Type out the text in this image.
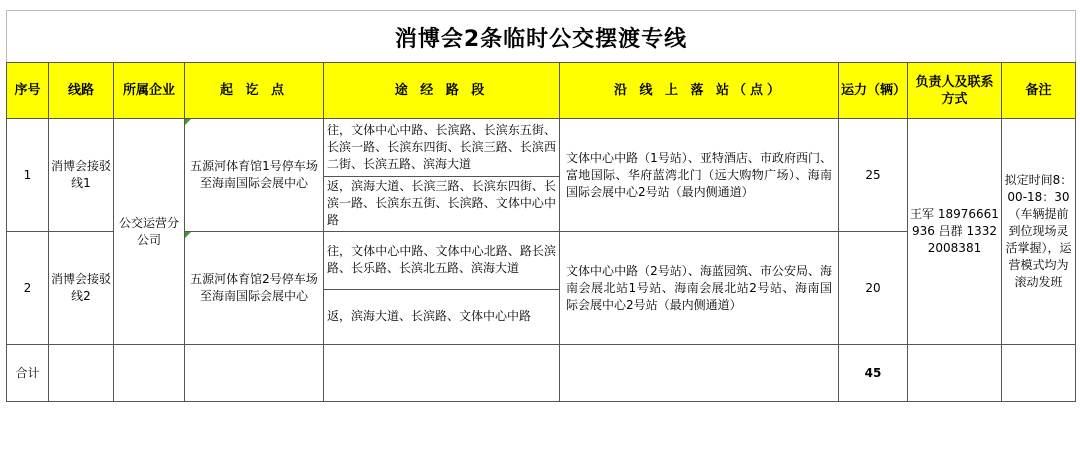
消博会2条临时公交摆渡专线
序号	线路	所属企业	起 讫 点	途 经 路 段	沿 线 上 落 站（点）	运力（辆）	负责人及联系方式	备注
1	消博会接驳线1	公交运营分公司	五源河体育馆1号停车场至海南国际会展中心	往，文体中心中路、长滨路、长滨东五街、长滨一路、长滨东四街、长滨三路、长滨西二街、长滨五路、滨海大道	文体中心中路（1号站）、亚特酒店、市政府西门、富地国际、华府蓝湾北门（远大购物广场）、海南国际会展中心2号站（最内侧通道）	25	王军 18976661936 吕群 13322008381	拟定时间8：00-18：30（车辆提前到位现场灵活掌握），运营模式均为滚动发班
				返，滨海大道、长滨三路、长滨东四街、长滨一路、长滨东五街、长滨路、文体中心中路				
2	消博会接驳线2		五源河体育馆2号停车场至海南国际会展中心	往，文体中心中路、文体中心北路、路长滨路、长乐路、长滨北五路、滨海大道	文体中心中路（2号站）、海蓝园筑、市公安局、海南会展北站1号站、海南会展北站2号站、海南国际会展中心2号站（最内侧通道）	20		
				返，滨海大道、长滨路、文体中心中路				
合计						45		
